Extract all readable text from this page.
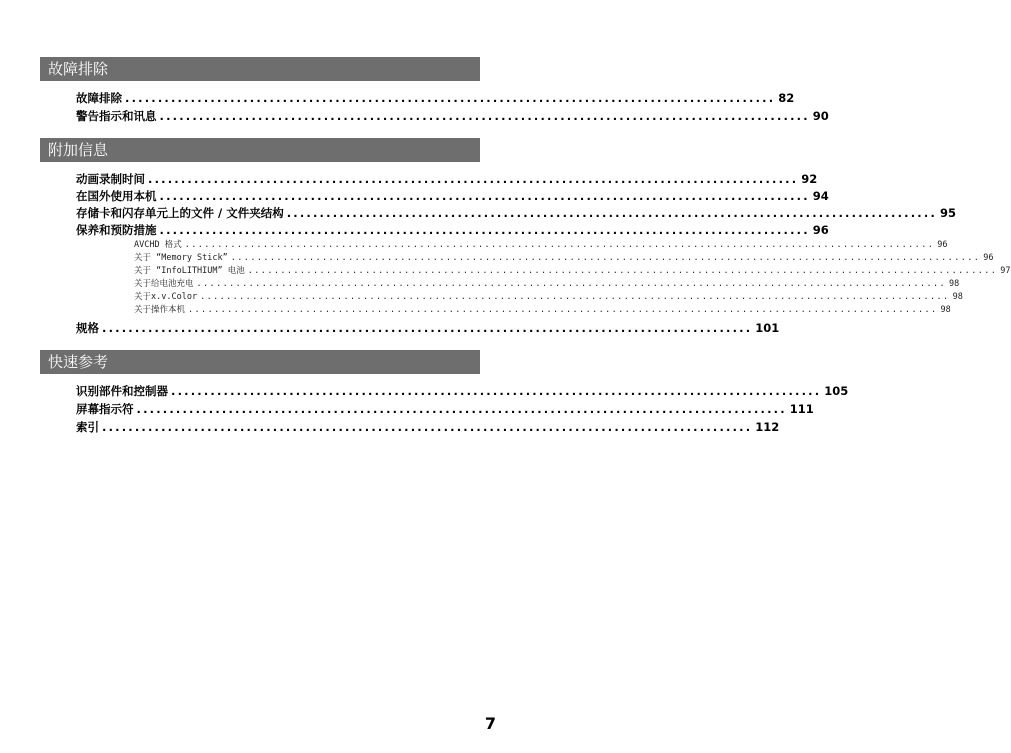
故障排除
故障排除 ................................................................................................... 82
警告指示和讯息 ................................................................................................... 90
附加信息
动画录制时间 ................................................................................................... 92
在国外使用本机 ................................................................................................... 94
存储卡和闪存单元上的文件 / 文件夹结构 ................................................................................................... 95
保养和预防措施 ................................................................................................... 96
AVCHD 格式 ................................................................................................................... 96
关于 “Memory Stick” ................................................................................................................... 96
关于 “InfoLITHIUM” 电池 ................................................................................................................... 97
关于给电池充电 ................................................................................................................... 98
关于x.v.Color ................................................................................................................... 98
关于操作本机 ................................................................................................................... 98
规格 ................................................................................................... 101
快速参考
识别部件和控制器 ................................................................................................... 105
屏幕指示符 ................................................................................................... 111
索引 ................................................................................................... 112
7
